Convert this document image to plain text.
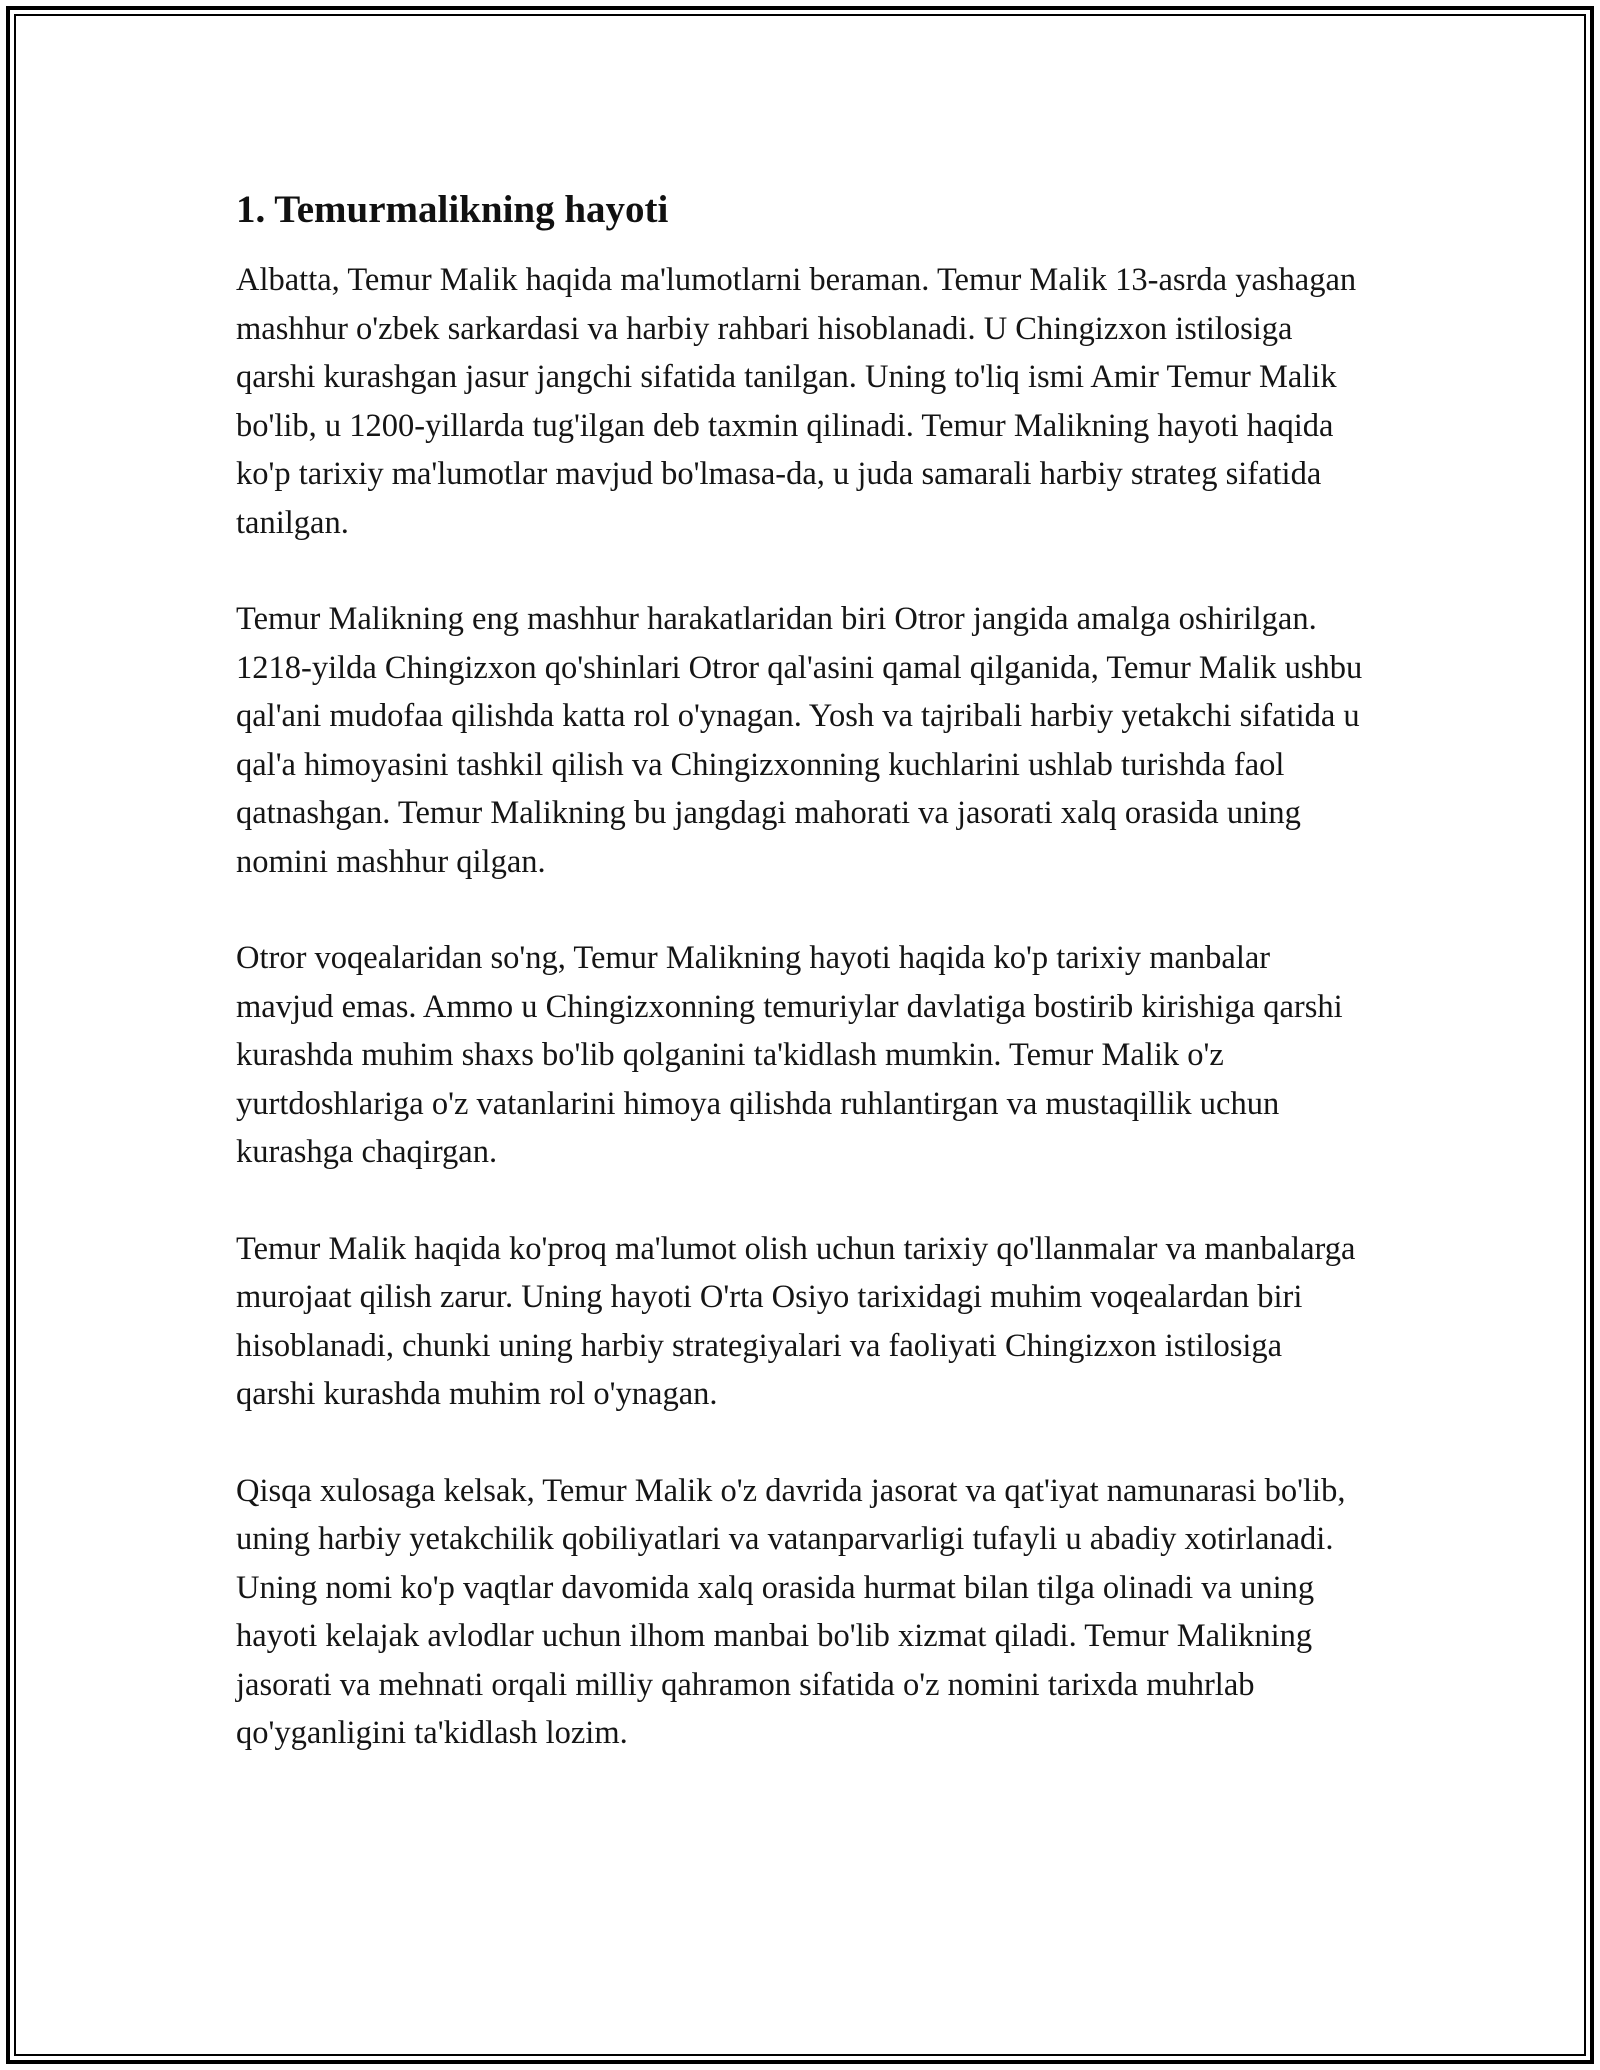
1. Temurmalikning hayoti

Albatta, Temur Malik haqida ma'lumotlarni beraman. Temur Malik 13-asrda yashagan mashhur o'zbek sarkardasi va harbiy rahbari hisoblanadi. U Chingizxon istilosiga qarshi kurashgan jasur jangchi sifatida tanilgan. Uning to'liq ismi Amir Temur Malik bo'lib, u 1200-yillarda tug'ilgan deb taxmin qilinadi. Temur Malikning hayoti haqida ko'p tarixiy ma'lumotlar mavjud bo'lmasa-da, u juda samarali harbiy strateg sifatida tanilgan.

Temur Malikning eng mashhur harakatlaridan biri Otror jangida amalga oshirilgan. 1218-yilda Chingizxon qo'shinlari Otror qal'asini qamal qilganida, Temur Malik ushbu qal'ani mudofaa qilishda katta rol o'ynagan. Yosh va tajribali harbiy yetakchi sifatida u qal'a himoyasini tashkil qilish va Chingizxonning kuchlarini ushlab turishda faol qatnashgan. Temur Malikning bu jangdagi mahorati va jasorati xalq orasida uning nomini mashhur qilgan.

Otror voqealaridan so'ng, Temur Malikning hayoti haqida ko'p tarixiy manbalar mavjud emas. Ammo u Chingizxonning temuriylar davlatiga bostirib kirishiga qarshi kurashda muhim shaxs bo'lib qolganini ta'kidlash mumkin. Temur Malik o'z yurtdoshlariga o'z vatanlarini himoya qilishda ruhlantirgan va mustaqillik uchun kurashga chaqirgan.

Temur Malik haqida ko'proq ma'lumot olish uchun tarixiy qo'llanmalar va manbalarga murojaat qilish zarur. Uning hayoti O'rta Osiyo tarixidagi muhim voqealardan biri hisoblanadi, chunki uning harbiy strategiyalari va faoliyati Chingizxon istilosiga qarshi kurashda muhim rol o'ynagan.

Qisqa xulosaga kelsak, Temur Malik o'z davrida jasorat va qat'iyat namunarasi bo'lib, uning harbiy yetakchilik qobiliyatlari va vatanparvarligi tufayli u abadiy xotirlanadi. Uning nomi ko'p vaqtlar davomida xalq orasida hurmat bilan tilga olinadi va uning hayoti kelajak avlodlar uchun ilhom manbai bo'lib xizmat qiladi. Temur Malikning jasorati va mehnati orqali milliy qahramon sifatida o'z nomini tarixda muhrlab qo'yganligini ta'kidlash lozim.
